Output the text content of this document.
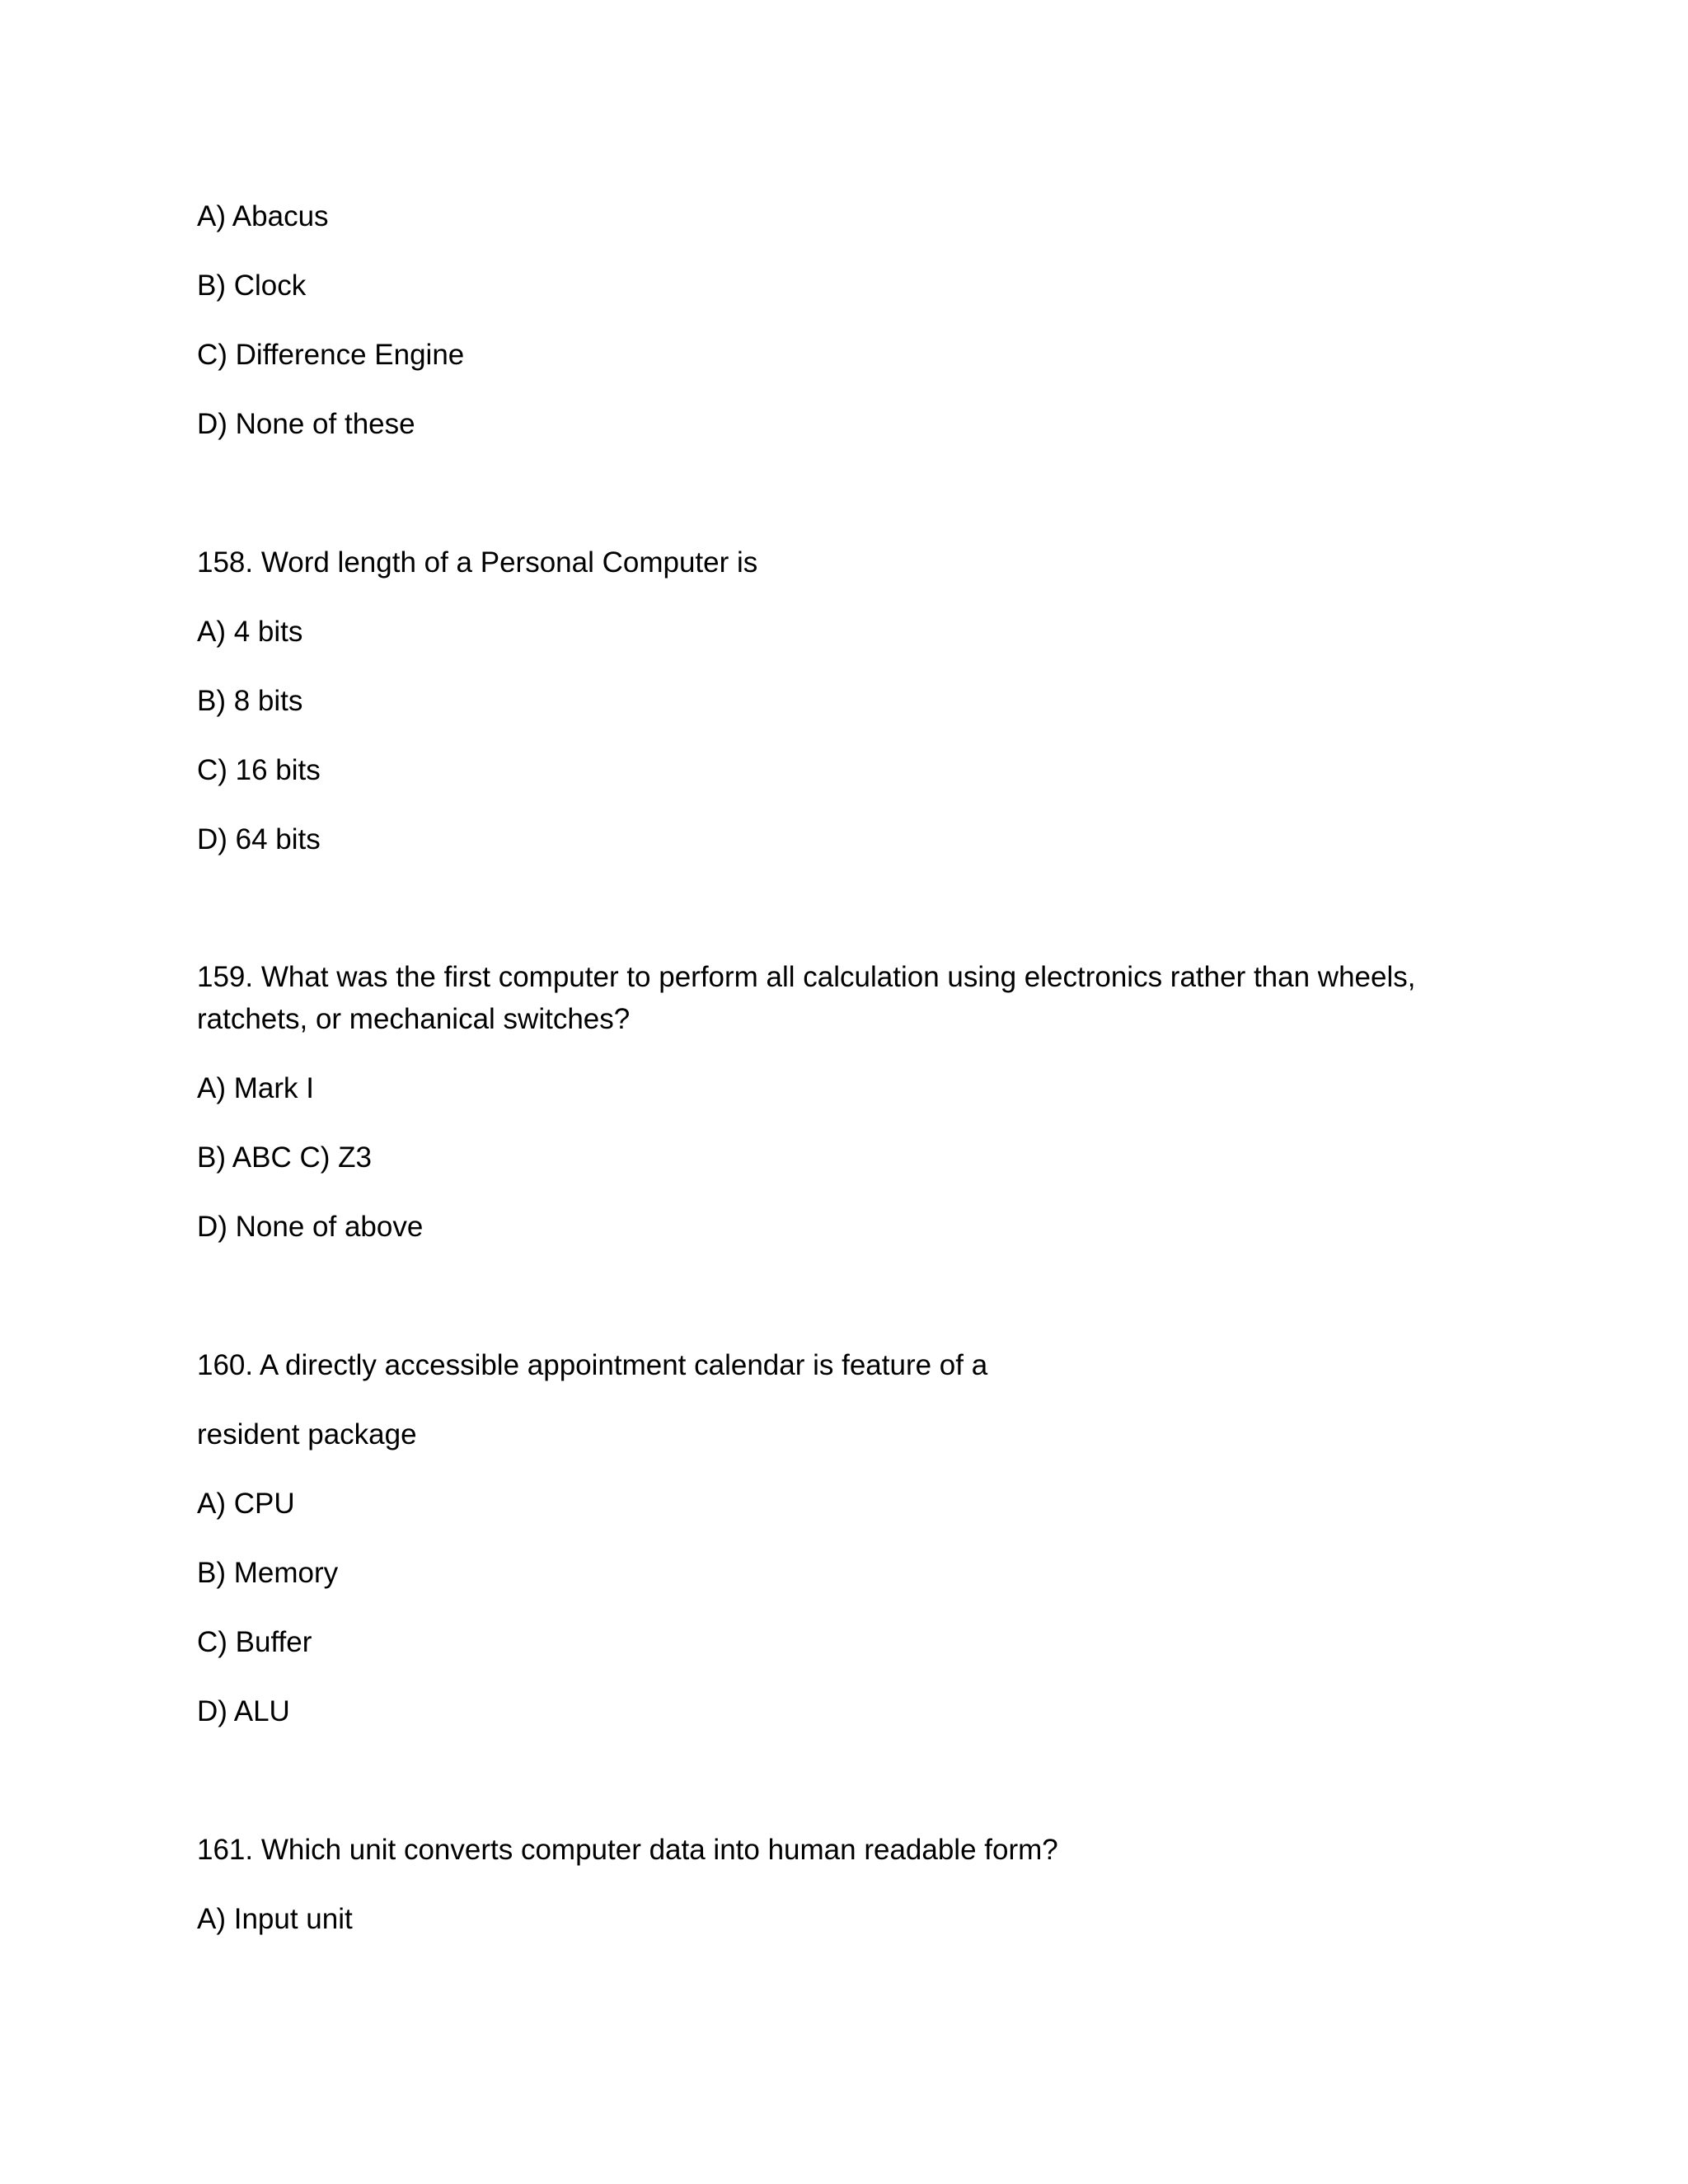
A) Abacus

B) Clock

C) Difference Engine

D) None of these

158. Word length of a Personal Computer is

A) 4 bits

B) 8 bits

C) 16 bits

D) 64 bits

159. What was the first computer to perform all calculation using electronics rather than wheels,

ratchets, or mechanical switches?

A) Mark I

B) ABC C) Z3

D) None of above

160. A directly accessible appointment calendar is feature of a

resident package

A) CPU

B) Memory

C) Buffer

D) ALU

161. Which unit converts computer data into human readable form?

A) Input unit
